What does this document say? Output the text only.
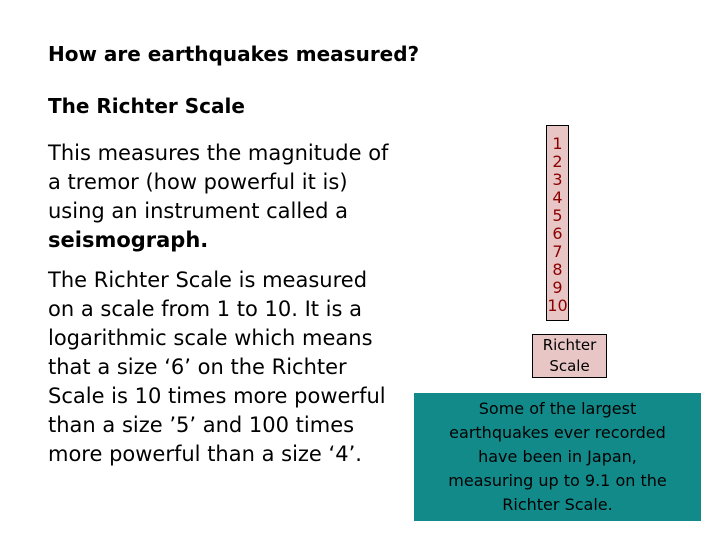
How are earthquakes measured?
The Richter Scale
This measures the magnitude of
a tremor (how powerful it is)
using an instrument called a
seismograph.
The Richter Scale is measured
on a scale from 1 to 10. It is a
logarithmic scale which means
that a size ‘6’ on the Richter
Scale is 10 times more powerful
than a size ’5’ and 100 times
more powerful than a size ‘4’.
1
2
3
4
5
6
7
8
9
10
Richter
Scale
Some of the largest
earthquakes ever recorded
have been in Japan,
measuring up to 9.1 on the
Richter Scale.
